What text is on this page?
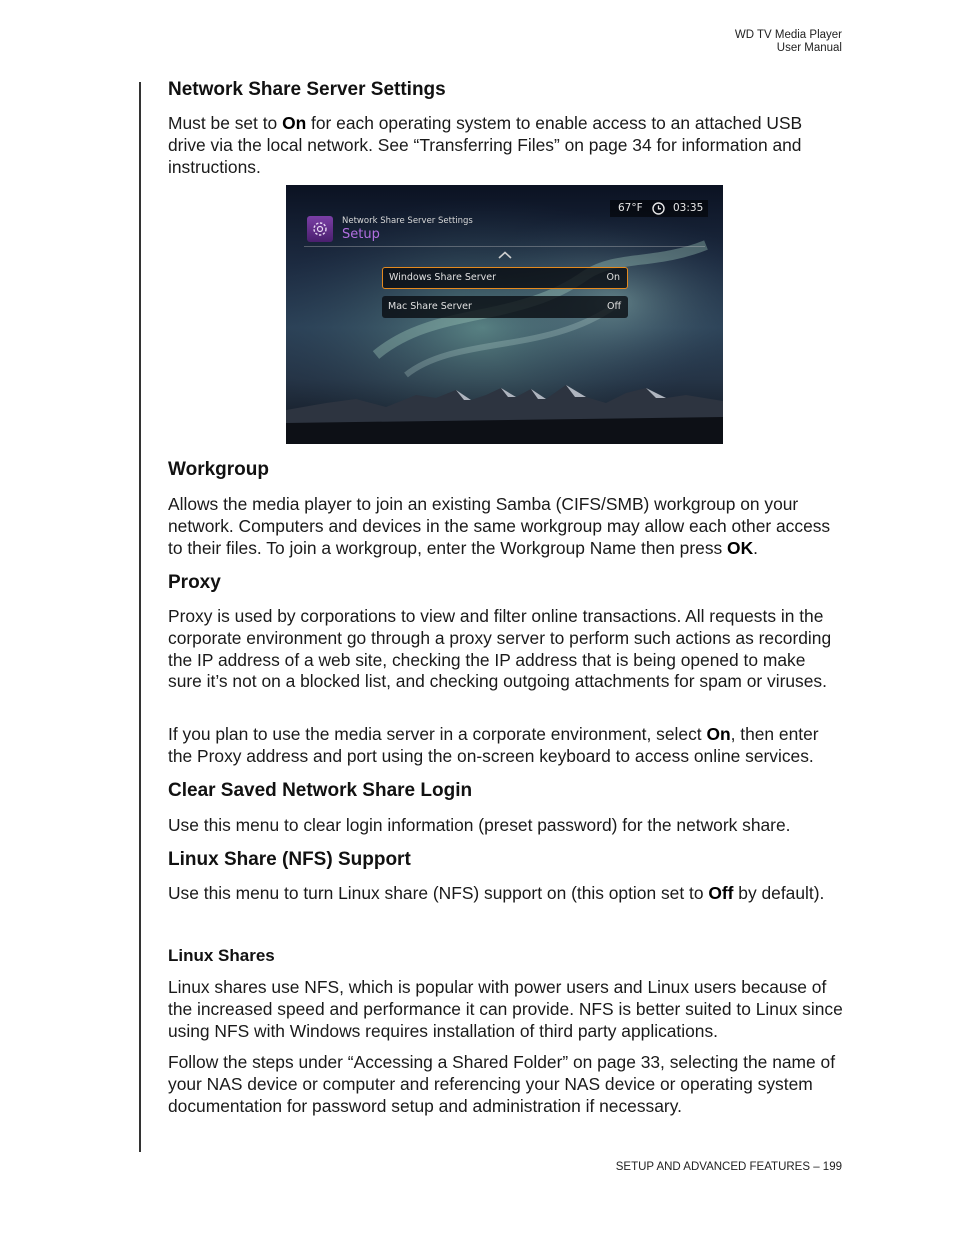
WD TV Media Player
User Manual
Network Share Server Settings
Must be set to On for each operating system to enable access to an attached USB drive via the local network. See “Transferring Files” on page 34 for information and instructions.
Workgroup
Allows the media player to join an existing Samba (CIFS/SMB) workgroup on your network. Computers and devices in the same workgroup may allow each other access to their files. To join a workgroup, enter the Workgroup Name then press OK.
Proxy
Proxy is used by corporations to view and filter online transactions. All requests in the corporate environment go through a proxy server to perform such actions as recording the IP address of a web site, checking the IP address that is being opened to make sure it’s not on a blocked list, and checking outgoing attachments for spam or viruses.
If you plan to use the media server in a corporate environment, select On, then enter the Proxy address and port using the on-screen keyboard to access online services.
Clear Saved Network Share Login
Use this menu to clear login information (preset password) for the network share.
Linux Share (NFS) Support
Use this menu to turn Linux share (NFS) support on (this option set to Off by default).
Linux Shares
Linux shares use NFS, which is popular with power users and Linux users because of the increased speed and performance it can provide. NFS is better suited to Linux since using NFS with Windows requires installation of third party applications.
Follow the steps under “Accessing a Shared Folder” on page 33, selecting the name of your NAS device or computer and referencing your NAS device or operating system documentation for password setup and administration if necessary.
67°F	03:35
Network Share Server Settings
Setup
Windows Share Server	On
Mac Share Server	Off
SETUP AND ADVANCED FEATURES – 199
